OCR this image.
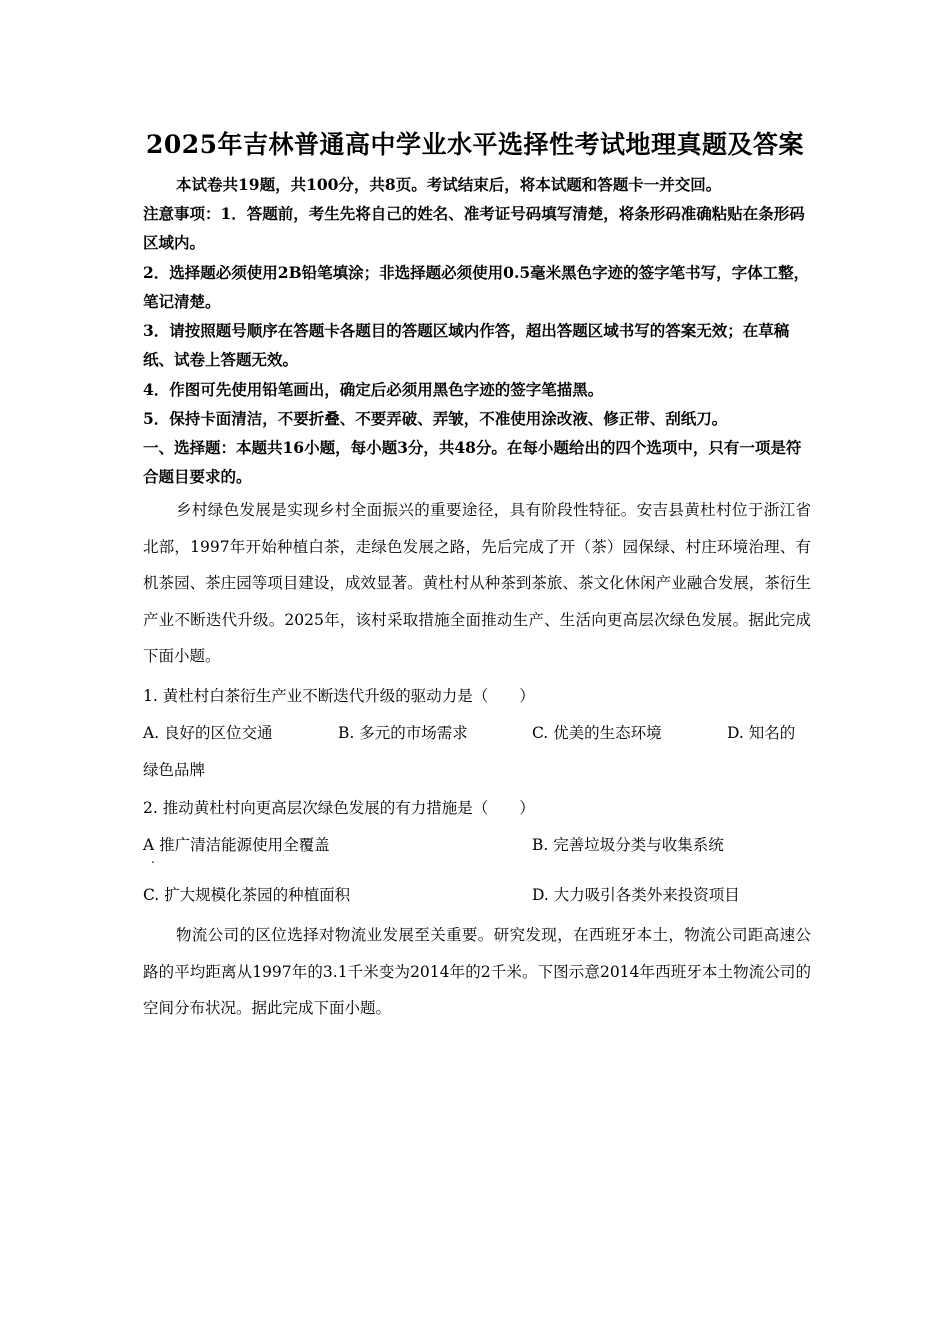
2025年吉林普通高中学业水平选择性考试地理真题及答案
本试卷共19题，共100分，共8页。考试结束后，将本试题和答题卡一并交回。
注意事项：1．答题前，考生先将自己的姓名、准考证号码填写清楚，将条形码准确粘贴在条形码区域内。
2．选择题必须使用2B铅笔填涂；非选择题必须使用0.5毫米黑色字迹的签字笔书写，字体工整，笔记清楚。
3．请按照题号顺序在答题卡各题目的答题区域内作答，超出答题区域书写的答案无效；在草稿纸、试卷上答题无效。
4．作图可先使用铅笔画出，确定后必须用黑色字迹的签字笔描黑。
5．保持卡面清洁，不要折叠、不要弄破、弄皱，不准使用涂改液、修正带、刮纸刀。
一、选择题：本题共16小题，每小题3分，共48分。在每小题给出的四个选项中，只有一项是符合题目要求的。
乡村绿色发展是实现乡村全面振兴的重要途径，具有阶段性特征。安吉县黄杜村位于浙江省北部，1997年开始种植白茶，走绿色发展之路，先后完成了开（茶）园保绿、村庄环境治理、有机茶园、茶庄园等项目建设，成效显著。黄杜村从种茶到茶旅、茶文化休闲产业融合发展，茶衍生产业不断迭代升级。2025年，该村采取措施全面推动生产、生活向更高层次绿色发展。据此完成下面小题。
1. 黄杜村白茶衍生产业不断迭代升级的驱动力是（　　）
A. 良好的区位交通	B. 多元的市场需求	C. 优美的生态环境	D. 知名的
绿色品牌
2. 推动黄杜村向更高层次绿色发展的有力措施是（　　）
A 推广清洁能源使用全覆盖
.
B. 完善垃圾分类与收集系统
C. 扩大规模化茶园的种植面积	D. 大力吸引各类外来投资项目
物流公司的区位选择对物流业发展至关重要。研究发现，在西班牙本土，物流公司距高速公路的平均距离从1997年的3.1千米变为2014年的2千米。下图示意2014年西班牙本土物流公司的空间分布状况。据此完成下面小题。
